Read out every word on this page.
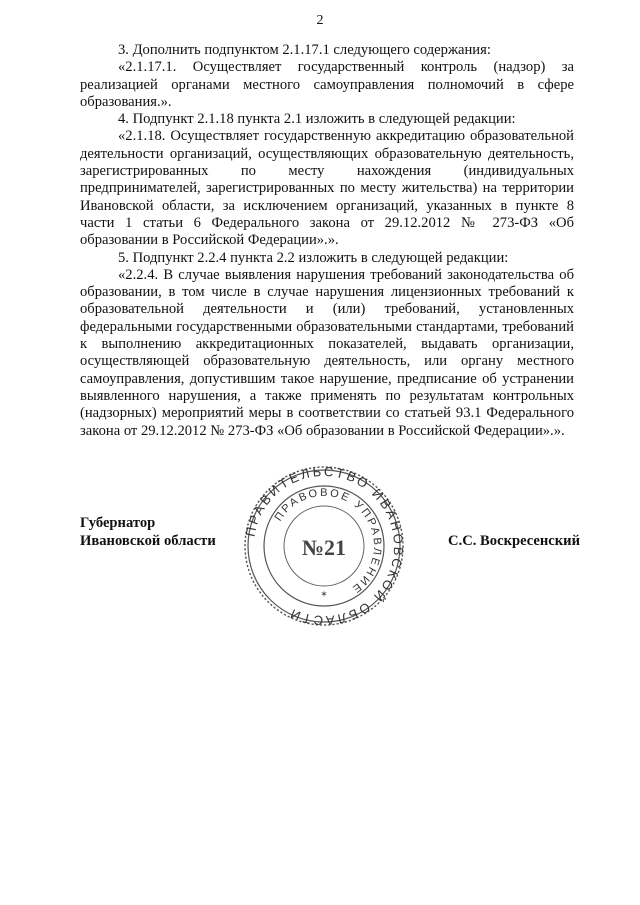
2

3. Дополнить подпунктом 2.1.17.1 следующего содержания:

«2.1.17.1. Осуществляет государственный контроль (надзор) за реализацией органами местного самоуправления полномочий в сфере образования.».

4. Подпункт 2.1.18 пункта 2.1 изложить в следующей редакции:

«2.1.18. Осуществляет государственную аккредитацию образовательной деятельности организаций, осуществляющих образовательную деятельность, зарегистрированных по месту нахождения (индивидуальных предпринимателей, зарегистрированных по месту жительства) на территории Ивановской области, за исключением организаций, указанных в пункте 8 части 1 статьи 6 Федерального закона от 29.12.2012 № 273-ФЗ «Об образовании в Российской Федерации».».

5. Подпункт 2.2.4 пункта 2.2 изложить в следующей редакции:

«2.2.4. В случае выявления нарушения требований законодательства об образовании, в том числе в случае нарушения лицензионных требований к образовательной деятельности и (или) требований, установленных федеральными государственными образовательными стандартами, требований к выполнению аккредитационных показателей, выдавать организации, осуществляющей образовательную деятельность, или органу местного самоуправления, допустившим такое нарушение, предписание об устранении выявленного нарушения, а также применять по результатам контрольных (надзорных) мероприятий меры в соответствии со статьей 93.1 Федерального закона от 29.12.2012 № 273-ФЗ «Об образовании в Российской Федерации».».

Губернатор
Ивановской области
ПРАВИТЕЛЬСТВО ИВАНОВСКОЙ ОБЛАСТИ
ПРАВОВОЕ УПРАВЛЕНИЕ
№21
✶
С.С. Воскресенский
